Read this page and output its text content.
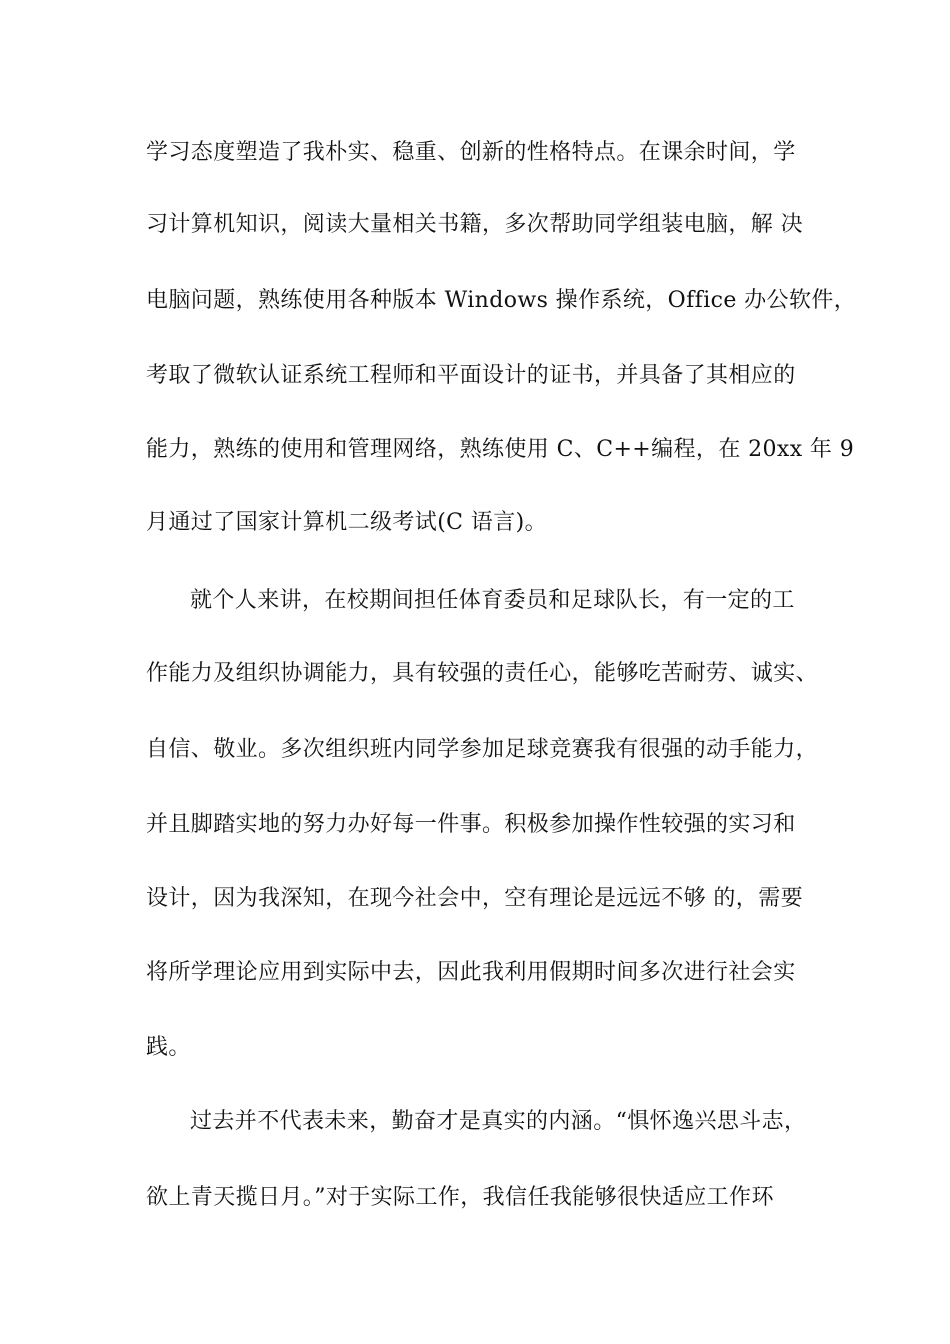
学习态度塑造了我朴实、稳重、创新的性格特点。在课余时间，学
习计算机知识，阅读大量相关书籍，多次帮助同学组装电脑，解 决
电脑问题，熟练使用各种版本 Windows 操作系统，Office 办公软件，
考取了微软认证系统工程师和平面设计的证书，并具备了其相应的
能力，熟练的使用和管理网络，熟练使用 C、C++编程，在 20xx 年 9
月通过了国家计算机二级考试(C 语言)。
就个人来讲，在校期间担任体育委员和足球队长，有一定的工
作能力及组织协调能力，具有较强的责任心，能够吃苦耐劳、诚实、
自信、敬业。多次组织班内同学参加足球竞赛我有很强的动手能力，
并且脚踏实地的努力办好每一件事。积极参加操作性较强的实习和
设计，因为我深知，在现今社会中，空有理论是远远不够 的，需要
将所学理论应用到实际中去，因此我利用假期时间多次进行社会实
践。
过去并不代表未来，勤奋才是真实的内涵。“惧怀逸兴思斗志，
欲上青天揽日月。”对于实际工作，我信任我能够很快适应工作环
